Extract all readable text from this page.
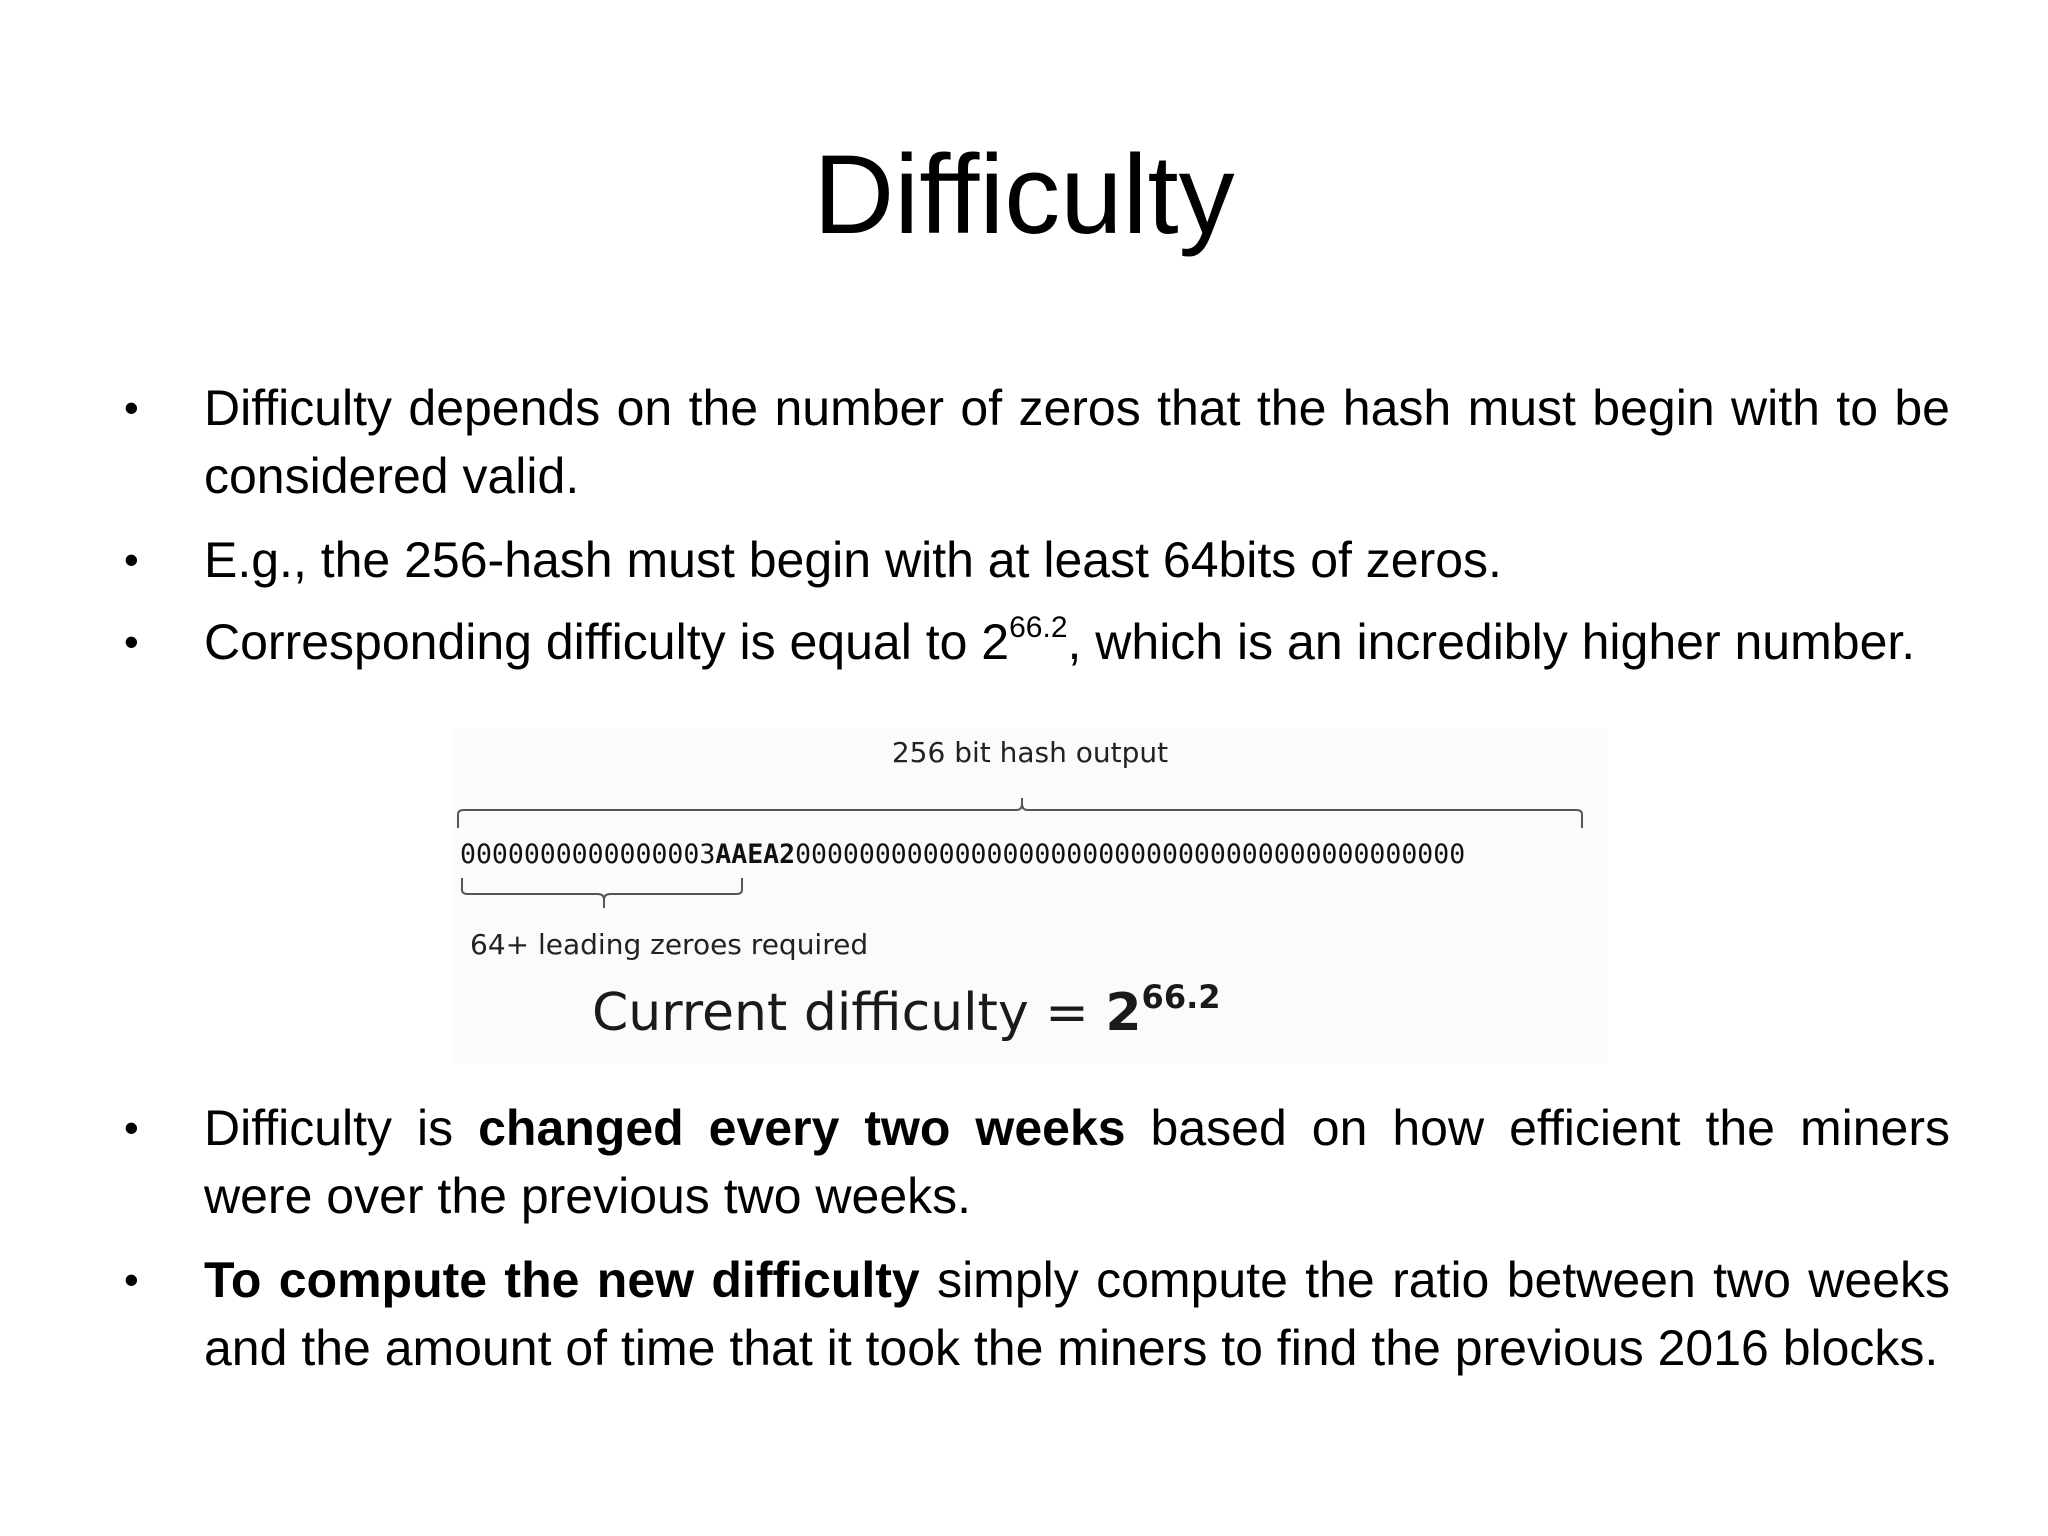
Difficulty
•	Difficulty depends on the number of zeros that the hash must begin with to be considered valid.
•	E.g., the 256-hash must begin with at least 64bits of zeros.
•	Corresponding difficulty is equal to $2^{66.2}$, which is an incredibly higher number.
256 bit hash output
0000000000000003AAEA2000000000000000000000000000000000000000000
64+ leading zeroes required
Current difficulty = $2^{66.2}$
•	Difficulty is changed every two weeks based on how efficient the miners were over the previous two weeks.
•	To compute the new difficulty simply compute the ratio between two weeks and the amount of time that it took the miners to find the previous 2016 blocks.
